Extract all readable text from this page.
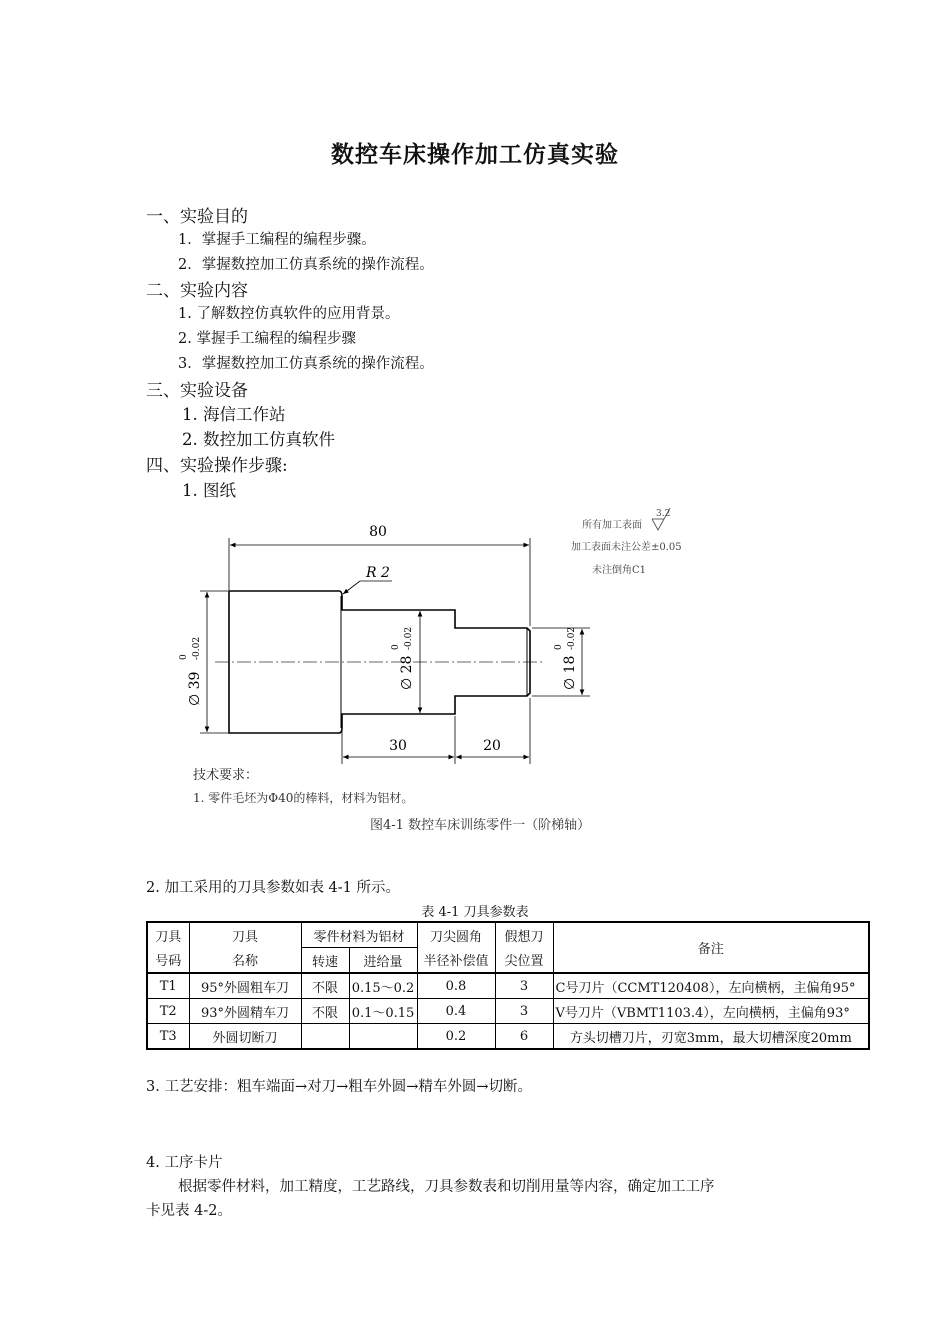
数控车床操作加工仿真实验
一、实验目的
1．掌握手工编程的编程步骤。
2．掌握数控加工仿真系统的操作流程。
二、实验内容
1. 了解数控仿真软件的应用背景。
2. 掌握手工编程的编程步骤
3．掌握数控加工仿真系统的操作流程。
三、实验设备
1. 海信工作站
2. 数控加工仿真软件
四、实验操作步骤:
1. 图纸
80
R 2
∅ 39
0 -0.02
∅ 28
0 -0.02
∅ 18
0 -0.02
30	20
所有加工表面
3.2
加工表面未注公差±0.05
未注倒角C1
技术要求：
1. 零件毛坯为Φ40的棒料，材料为铝材。
图4-1 数控车床训练零件一（阶梯轴）
2. 加工采用的刀具参数如表 4-1 所示。
表 4-1 刀具参数表
刀具	刀具	零件材料为铝材		刀尖圆角	假想刀	备注
号码	名称	转速	进给量	半径补偿值	尖位置	
T1	95°外圆粗车刀	不限	0.15～0.2	0.8	3	C号刀片（CCMT120408），左向横柄，主偏角95°
T2	93°外圆精车刀	不限	0.1～0.15	0.4	3	V号刀片（VBMT1103.4），左向横柄，主偏角93°
T3	外圆切断刀			0.2	6	方头切槽刀片，刃宽3mm，最大切槽深度20mm
3. 工艺安排：粗车端面→对刀→粗车外圆→精车外圆→切断。
4. 工序卡片
根据零件材料，加工精度，工艺路线，刀具参数表和切削用量等内容，确定加工工序
卡见表 4-2。
